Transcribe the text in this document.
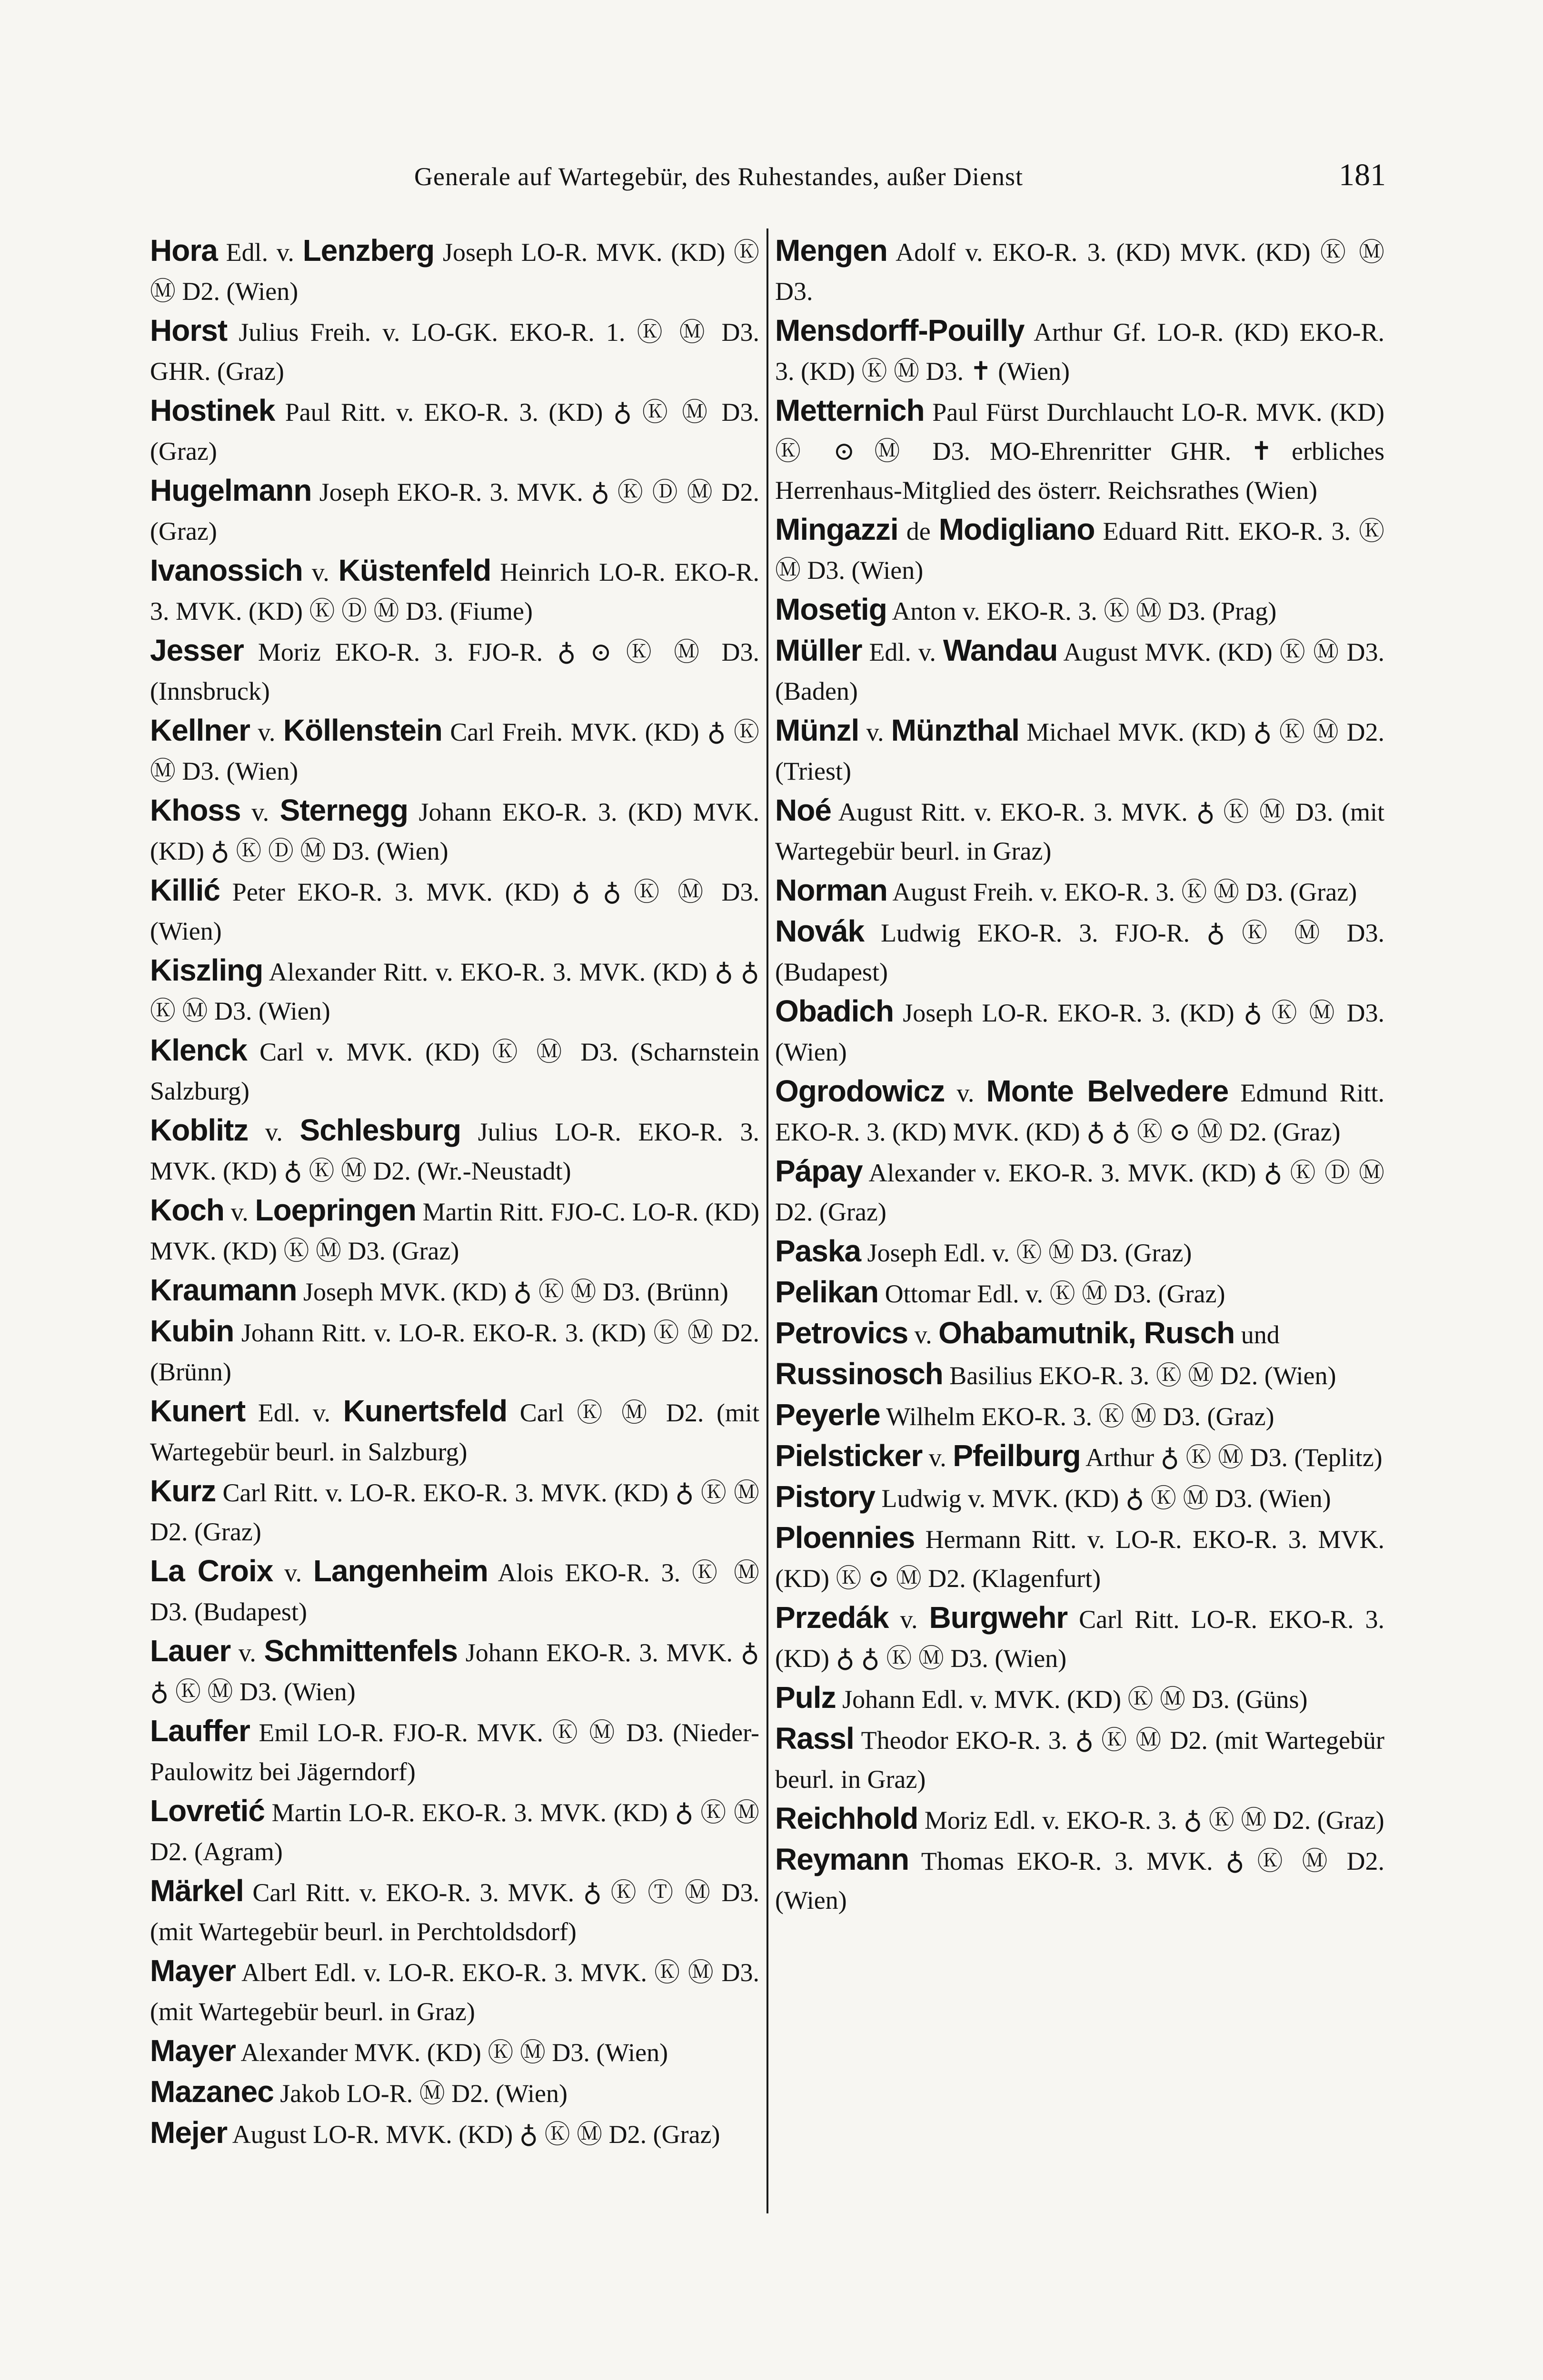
Generale auf Wartegebür, des Ruhestandes, außer Dienst	181

Hora Edl. v. Lenzberg Joseph LO-R. MVK. (KD) Ⓚ Ⓜ D2. (Wien)

Horst Julius Freih. v. LO-GK. EKO-R. 1. Ⓚ Ⓜ D3. GHR. (Graz)

Hostinek Paul Ritt. v. EKO-R. 3. (KD) ♁ Ⓚ Ⓜ D3. (Graz)

Hugelmann Joseph EKO-R. 3. MVK. ♁ Ⓚ Ⓓ Ⓜ D2. (Graz)

Ivanossich v. Küstenfeld Heinrich LO-R. EKO-R. 3. MVK. (KD) Ⓚ Ⓓ Ⓜ D3. (Fiume)

Jesser Moriz EKO-R. 3. FJO-R. ♁ ⊙ Ⓚ Ⓜ D3. (Innsbruck)

Kellner v. Köllenstein Carl Freih. MVK. (KD) ♁ Ⓚ Ⓜ D3. (Wien)

Khoss v. Sternegg Johann EKO-R. 3. (KD) MVK. (KD) ♁ Ⓚ Ⓓ Ⓜ D3. (Wien)

Killić Peter EKO-R. 3. MVK. (KD) ♁ ♁ Ⓚ Ⓜ D3. (Wien)

Kiszling Alexander Ritt. v. EKO-R. 3. MVK. (KD) ♁ ♁ Ⓚ Ⓜ D3. (Wien)

Klenck Carl v. MVK. (KD) Ⓚ Ⓜ D3. (Scharnstein Salzburg)

Koblitz v. Schlesburg Julius LO-R. EKO-R. 3. MVK. (KD) ♁ Ⓚ Ⓜ D2. (Wr.-Neustadt)

Koch v. Loepringen Martin Ritt. FJO-C. LO-R. (KD) MVK. (KD) Ⓚ Ⓜ D3. (Graz)

Kraumann Joseph MVK. (KD) ♁ Ⓚ Ⓜ D3. (Brünn)

Kubin Johann Ritt. v. LO-R. EKO-R. 3. (KD) Ⓚ Ⓜ D2. (Brünn)

Kunert Edl. v. Kunertsfeld Carl Ⓚ Ⓜ D2. (mit Wartegebür beurl. in Salzburg)

Kurz Carl Ritt. v. LO-R. EKO-R. 3. MVK. (KD) ♁ Ⓚ Ⓜ D2. (Graz)

La Croix v. Langenheim Alois EKO-R. 3. Ⓚ Ⓜ D3. (Budapest)

Lauer v. Schmittenfels Johann EKO-R. 3. MVK. ♁ ♁ Ⓚ Ⓜ D3. (Wien)

Lauffer Emil LO-R. FJO-R. MVK. Ⓚ Ⓜ D3. (Nieder-Paulowitz bei Jägerndorf)

Lovretić Martin LO-R. EKO-R. 3. MVK. (KD) ♁ Ⓚ Ⓜ D2. (Agram)

Märkel Carl Ritt. v. EKO-R. 3. MVK. ♁ Ⓚ Ⓣ Ⓜ D3. (mit Wartegebür beurl. in Perchtoldsdorf)

Mayer Albert Edl. v. LO-R. EKO-R. 3. MVK. Ⓚ Ⓜ D3. (mit Wartegebür beurl. in Graz)

Mayer Alexander MVK. (KD) Ⓚ Ⓜ D3. (Wien)

Mazanec Jakob LO-R. Ⓜ D2. (Wien)

Mejer August LO-R. MVK. (KD) ♁ Ⓚ Ⓜ D2. (Graz)

Mengen Adolf v. EKO-R. 3. (KD) MVK. (KD) Ⓚ Ⓜ D3.

Mensdorff-Pouilly Arthur Gf. LO-R. (KD) EKO-R. 3. (KD) Ⓚ Ⓜ D3. ✝ (Wien)

Metternich Paul Fürst Durchlaucht LO-R. MVK. (KD) Ⓚ ⊙ Ⓜ D3. MO-Ehrenritter GHR. ✝ erbliches Herrenhaus-Mitglied des österr. Reichsrathes (Wien)

Mingazzi de Modigliano Eduard Ritt. EKO-R. 3. Ⓚ Ⓜ D3. (Wien)

Mosetig Anton v. EKO-R. 3. Ⓚ Ⓜ D3. (Prag)

Müller Edl. v. Wandau August MVK. (KD) Ⓚ Ⓜ D3. (Baden)

Münzl v. Münzthal Michael MVK. (KD) ♁ Ⓚ Ⓜ D2. (Triest)

Noé August Ritt. v. EKO-R. 3. MVK. ♁ Ⓚ Ⓜ D3. (mit Wartegebür beurl. in Graz)

Norman August Freih. v. EKO-R. 3. Ⓚ Ⓜ D3. (Graz)

Novák Ludwig EKO-R. 3. FJO-R. ♁ Ⓚ Ⓜ D3. (Budapest)

Obadich Joseph LO-R. EKO-R. 3. (KD) ♁ Ⓚ Ⓜ D3. (Wien)

Ogrodowicz v. Monte Belvedere Edmund Ritt. EKO-R. 3. (KD) MVK. (KD) ♁ ♁ Ⓚ ⊙ Ⓜ D2. (Graz)

Pápay Alexander v. EKO-R. 3. MVK. (KD) ♁ Ⓚ Ⓓ Ⓜ D2. (Graz)

Paska Joseph Edl. v. Ⓚ Ⓜ D3. (Graz)

Pelikan Ottomar Edl. v. Ⓚ Ⓜ D3. (Graz)

Petrovics v. Ohabamutnik, Rusch und

Russinosch Basilius EKO-R. 3. Ⓚ Ⓜ D2. (Wien)

Peyerle Wilhelm EKO-R. 3. Ⓚ Ⓜ D3. (Graz)

Pielsticker v. Pfeilburg Arthur ♁ Ⓚ Ⓜ D3. (Teplitz)

Pistory Ludwig v. MVK. (KD) ♁ Ⓚ Ⓜ D3. (Wien)

Ploennies Hermann Ritt. v. LO-R. EKO-R. 3. MVK. (KD) Ⓚ ⊙ Ⓜ D2. (Klagenfurt)

Przedák v. Burgwehr Carl Ritt. LO-R. EKO-R. 3. (KD) ♁ ♁ Ⓚ Ⓜ D3. (Wien)

Pulz Johann Edl. v. MVK. (KD) Ⓚ Ⓜ D3. (Güns)

Rassl Theodor EKO-R. 3. ♁ Ⓚ Ⓜ D2. (mit Wartegebür beurl. in Graz)

Reichhold Moriz Edl. v. EKO-R. 3. ♁ Ⓚ Ⓜ D2. (Graz)

Reymann Thomas EKO-R. 3. MVK. ♁ Ⓚ Ⓜ D2. (Wien)
